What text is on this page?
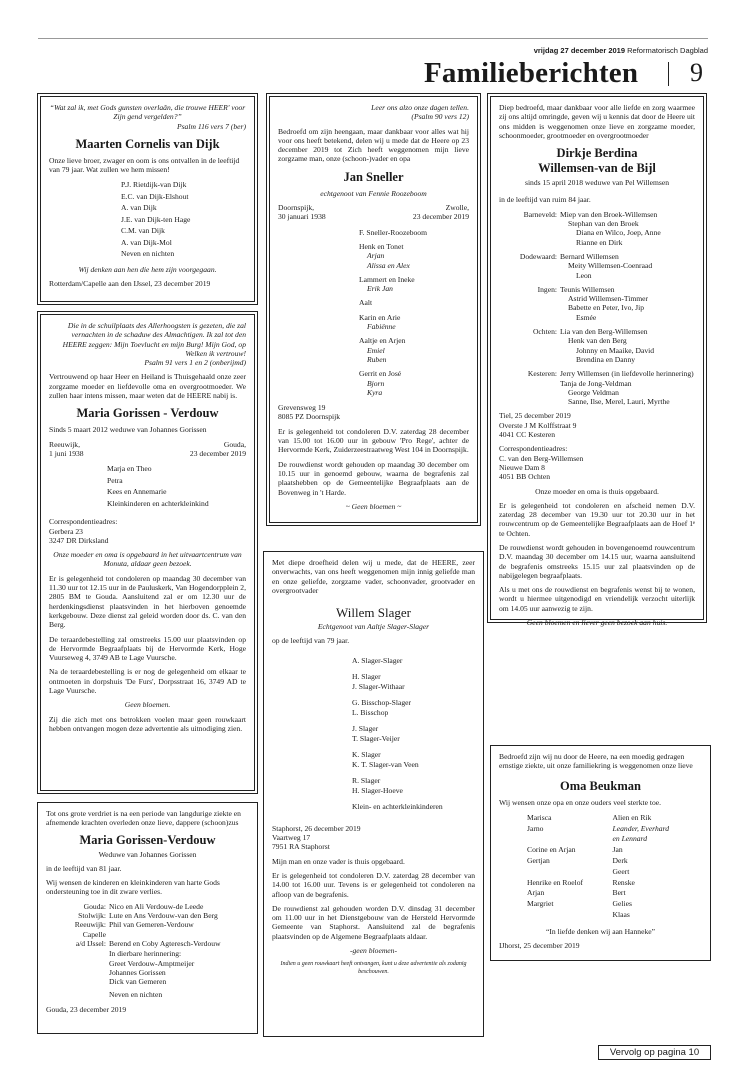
vrijdag 27 december 2019 Reformatorisch Dagblad
Familieberichten 9

“Wat zal ik, met Gods gunsten overlaân, die trouwe HEER' voor Zijn gend vergelden?”

Psalm 116 vers 7 (ber)

Maarten Cornelis van Dijk

Onze lieve broer, zwager en oom is ons ontvallen in de leeftijd van 79 jaar. Wat zullen we hem missen!

P.J. Rietdijk-van Dijk
E.C. van Dijk-Elshout
A. van Dijk
J.E. van Dijk-ten Hage
C.M. van Dijk
A. van Dijk-Mol
Neven en nichten

Wij denken aan hen die hem zijn voorgegaan.

Rotterdam/Capelle aan den IJssel, 23 december 2019

Die in de schuilplaats des Allerhoogsten is gezeten, die zal vernachten in de schaduw des Almachtigen. Ik zal tot den HEERE zeggen: Mijn Toevlucht en mijn Burg! Mijn God, op Welken ik vertrouw!

Psalm 91 vers 1 en 2 (onberijmd)

Vertrouwend op haar Heer en Heiland is Thuisgehaald onze zeer zorgzame moeder en liefdevolle oma en overgrootmoeder. We zullen haar intens missen, maar weten dat de HEERE nabij is.

Maria Gorissen - Verdouw

Sinds 5 maart 2012 weduwe van Johannes Gorissen

Reeuwijk,
1 juni 1938
Gouda,
23 december 2019
Marja en Theo
Petra
Kees en Annemarie
Kleinkinderen en achterkleinkind
Correspondentieadres:
Gerbera 23

3247 DR Dirksland

Onze moeder en oma is opgebaard in het uitvaartcentrum van Monuta, aldaar geen bezoek.

Er is gelegenheid tot condoleren op maandag 30 december van 11.30 uur tot 12.15 uur in de Pauluskerk, Van Hogendorpplein 2, 2805 BM te Gouda. Aansluitend zal er om 12.30 uur de herdenkingsdienst plaatsvinden in het hierboven genoemde kerkgebouw. Deze dienst zal geleid worden door ds. C. van den Berg.

De teraardebestelling zal omstreeks 15.00 uur plaatsvinden op de Hervormde Begraafplaats bij de Hervormde Kerk, Hoge Vuurseweg 4, 3749 AB te Lage Vuursche.

Na de teraardebestelling is er nog de gelegenheid om elkaar te ontmoeten in dorpshuis 'De Furs', Dorpsstraat 16, 3749 AD te Lage Vuursche.

Geen bloemen.

Zij die zich met ons betrokken voelen maar geen rouwkaart hebben ontvangen mogen deze advertentie als uitnodiging zien.

Tot ons grote verdriet is na een periode van langdurige ziekte en afnemende krachten overleden onze lieve, dappere (schoon)zus

Maria Gorissen-Verdouw

Weduwe van Johannes Gorissen

in de leeftijd van 81 jaar.

Wij wensen de kinderen en kleinkinderen van harte Gods ondersteuning toe in dit zware verlies.

Gouda: Nico en Ali Verdouw-de Leede
Stolwijk: Lute en Ans Verdouw-van den Berg
Reeuwijk: Phil van Gemeren-Verdouw
Capelle
a/d IJssel: Berend en Coby Agteresch-Verdouw
In dierbare herinnering:
Greet Verdouw-Amptmeijer
Johannes Gorissen
Dick van Gemeren
Neven en nichten

Gouda, 23 december 2019

Leer ons alzo onze dagen tellen.

(Psalm 90 vers 12)

Bedroefd om zijn heengaan, maar dankbaar voor alles wat hij voor ons heeft betekend, delen wij u mede dat de Heere op 23 december 2019 tot Zich heeft weggenomen mijn lieve zorgzame man, onze (schoon-)vader en opa

Jan Sneller

echtgenoot van Fennie Roozeboom

Doornspijk,
30 januari 1938
Zwolle,
23 december 2019
F. Sneller-Roozeboom
Henk en Tonet
Arjan
Alissa en Alex
Lammert en Ineke
Erik Jan
Aalt
Karin en Arie
Fabiënne
Aaltje en Arjen
Emiel
Ruben
Gerrit en José
Bjorn
Kyra
Grevensweg 19

8085 PZ Doornspijk

Er is gelegenheid tot condoleren D.V. zaterdag 28 december van 15.00 tot 16.00 uur in gebouw 'Pro Rege', achter de Hervormde Kerk, Zuiderzeestraatweg West 104 in Doornspijk.

De rouwdienst wordt gehouden op maandag 30 december om 10.15 uur in genoemd gebouw, waarna de begrafenis zal plaatshebben op de Gemeentelijke Begraafplaats aan de Bovenweg in 't Harde.

~ Geen bloemen ~

Met diepe droefheid delen wij u mede, dat de HEERE, zeer onverwachts, van ons heeft weggenomen mijn innig geliefde man en onze geliefde, zorgzame vader, schoonvader, grootvader en overgrootvader

Willem Slager

Echtgenoot van Aaltje Slager-Slager

op de leeftijd van 79 jaar.

A. Slager-Slager
H. Slager
J. Slager-Withaar
G. Bisschop-Slager
L. Bisschop
J. Slager
T. Slager-Veijer
K. Slager
K. T. Slager-van Veen
R. Slager
H. Slager-Hoeve
Klein- en achterkleinkinderen
Staphorst, 26 december 2019
Vaartweg 17

7951 RA Staphorst

Mijn man en onze vader is thuis opgebaard.

Er is gelegenheid tot condoleren D.V. zaterdag 28 december van 14.00 tot 16.00 uur. Tevens is er gelegenheid tot condoleren na afloop van de begrafenis.

De rouwdienst zal gehouden worden D.V. dinsdag 31 december om 11.00 uur in het Dienstgebouw van de Hersteld Hervormde Gemeente van Staphorst. Aansluitend zal de begrafenis plaatsvinden op de Algemene Begraafplaats aldaar.

-geen bloemen-

Indien u geen rouwkaart heeft ontvangen, kunt u deze advertentie als zodanig beschouwen.

Diep bedroefd, maar dankbaar voor alle liefde en zorg waarmee zij ons altijd omringde, geven wij u kennis dat door de Heere uit ons midden is weggenomen onze lieve en zorgzame moeder, schoonmoeder, grootmoeder en overgrootmoeder

Dirkje Berdina
Willemsen-van de Bijl

sinds 15 april 2018 weduwe van Pel Willemsen

in de leeftijd van ruim 84 jaar.

Barneveld: Miep van den Broek-Willemsen
Stephan van den Broek
Diana en Wilco, Joep, Anne
Rianne en Dirk
Dodewaard: Bernard Willemsen
Meity Willemsen-Coenraad
Leon
Ingen: Teunis Willemsen
Astrid Willemsen-Timmer
Babette en Peter, Ivo, Jip
Esmée
Ochten: Lia van den Berg-Willemsen
Henk van den Berg
Johnny en Maaike, David
Brendina en Danny
Kesteren: Jerry Willemsen (in liefdevolle herinnering)
Tanja de Jong-Veldman
George Veldman
Sanne, Ilse, Merel, Lauri, Myrthe
Tiel, 25 december 2019
Overste J M Kolffstraat 9

4041 CC Kesteren

Correspondentieadres:
C. van den Berg-Willemsen
Nieuwe Dam 8

4051 BB Ochten

Onze moeder en oma is thuis opgebaard.

Er is gelegenheid tot condoleren en afscheid nemen D.V. zaterdag 28 december van 19.30 uur tot 20.30 uur in het rouwcentrum op de Gemeentelijke Begraafplaats aan de Hoef 1ᵉ te Ochten.

De rouwdienst wordt gehouden in bovengenoemd rouwcentrum D.V. maandag 30 december om 14.15 uur, waarna aansluitend de begrafenis omstreeks 15.15 uur zal plaatsvinden op de nabijgelegen begraafplaats.

Als u met ons de rouwdienst en begrafenis wenst bij te wonen, wordt u hiermee uitgenodigd en vriendelijk verzocht uiterlijk om 14.05 uur aanwezig te zijn.

Geen bloemen en liever geen bezoek aan huis.

Bedroefd zijn wij nu door de Heere, na een moedig gedragen ernstige ziekte, uit onze familiekring is weggenomen onze lieve

Oma Beukman

Wij wensen onze opa en onze ouders veel sterkte toe.

Marisca
Jarno
Corine en Arjan
Gertjan
Henrike en Roelof
Arjan
Margriet
Alien en Rik
Leander, Everhard
en Lennard
Jan
Derk
Geert
Renske
Bert
Gelies
Klaas

“In liefde denken wij aan Hanneke”

IJhorst, 25 december 2019

Vervolg op pagina 10
